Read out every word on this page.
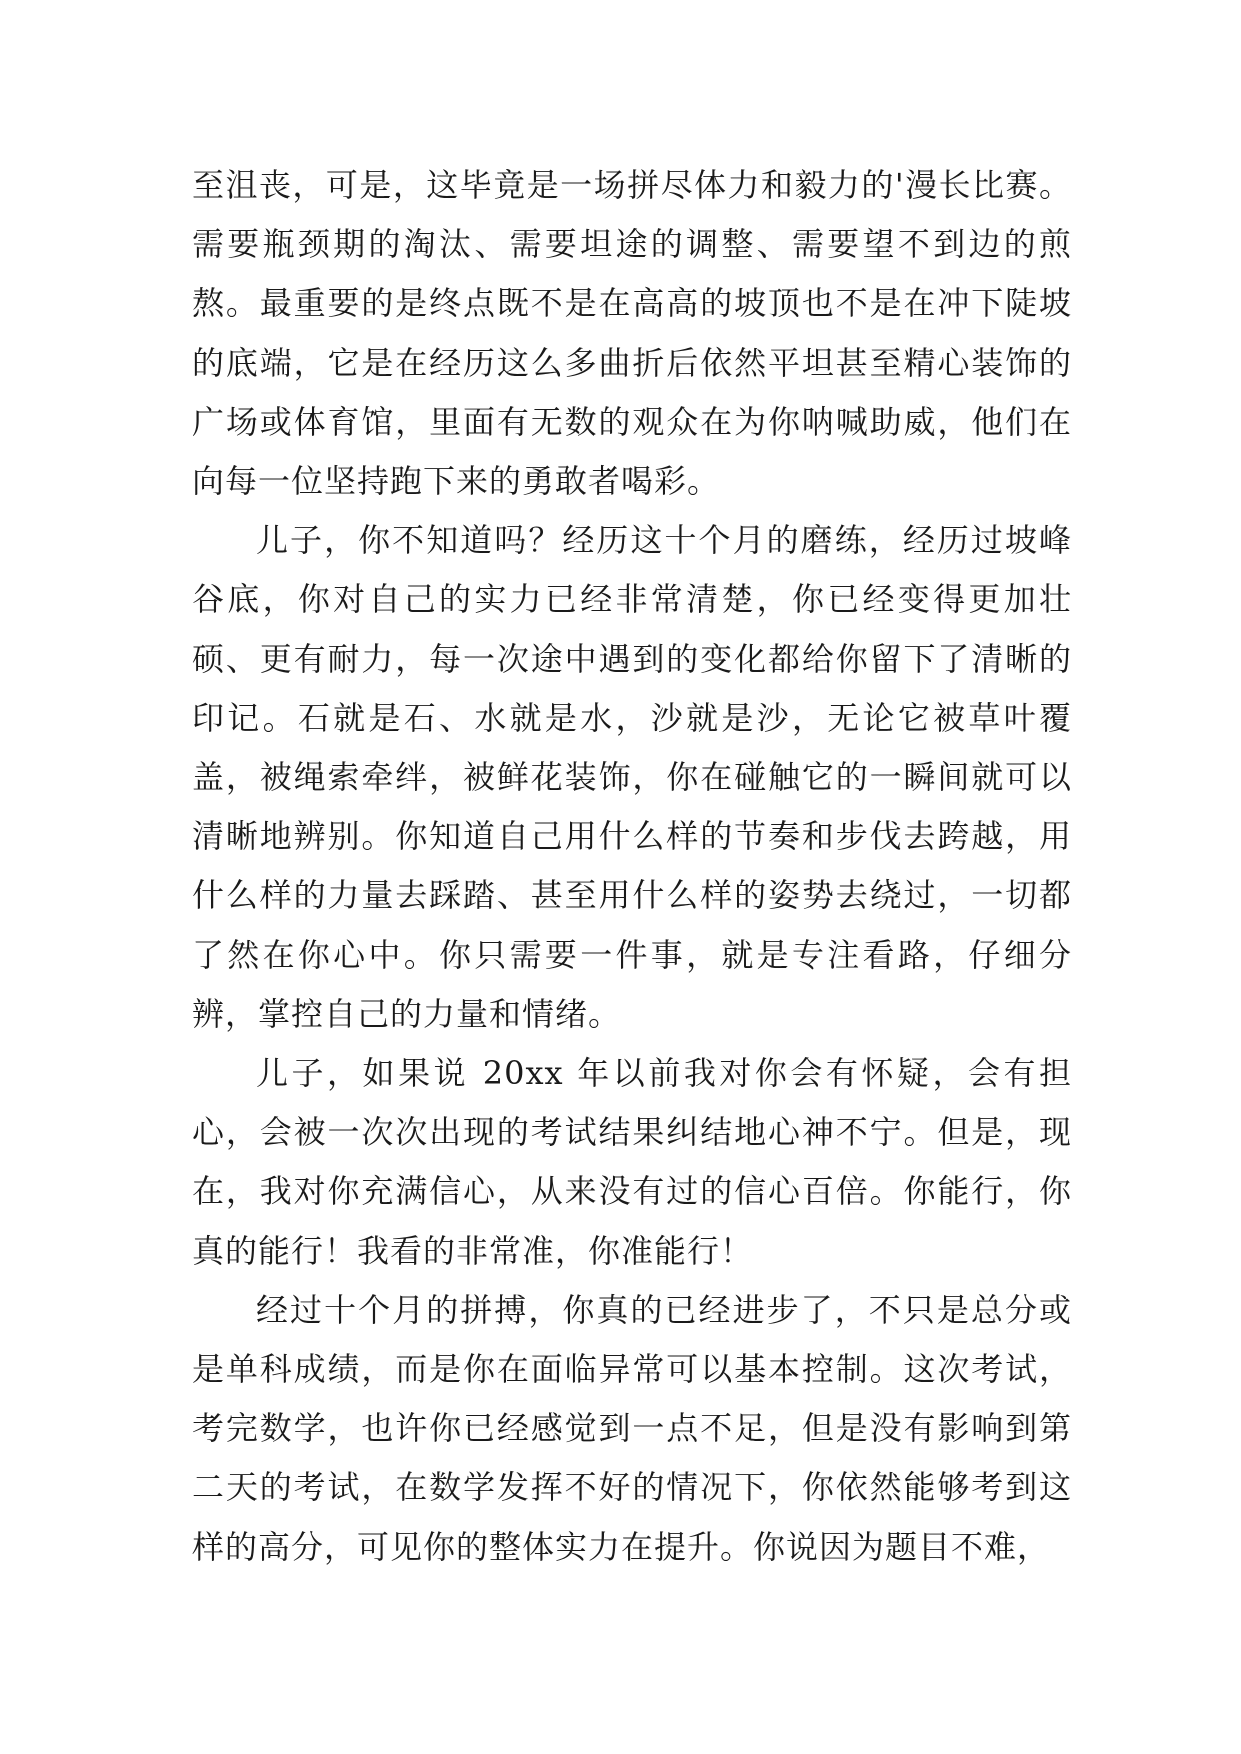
至沮丧，可是，这毕竟是一场拼尽体力和毅力的'漫长比赛。需要瓶颈期的淘汰、需要坦途的调整、需要望不到边的煎熬。最重要的是终点既不是在高高的坡顶也不是在冲下陡坡的底端，它是在经历这么多曲折后依然平坦甚至精心装饰的广场或体育馆，里面有无数的观众在为你呐喊助威，他们在向每一位坚持跑下来的勇敢者喝彩。

儿子，你不知道吗？经历这十个月的磨练，经历过坡峰谷底，你对自己的实力已经非常清楚，你已经变得更加壮硕、更有耐力，每一次途中遇到的变化都给你留下了清晰的印记。石就是石、水就是水，沙就是沙，无论它被草叶覆盖，被绳索牵绊，被鲜花装饰，你在碰触它的一瞬间就可以清晰地辨别。你知道自己用什么样的节奏和步伐去跨越，用什么样的力量去踩踏、甚至用什么样的姿势去绕过，一切都了然在你心中。你只需要一件事，就是专注看路，仔细分辨，掌控自己的力量和情绪。

儿子，如果说 20xx 年以前我对你会有怀疑，会有担心，会被一次次出现的考试结果纠结地心神不宁。但是，现在，我对你充满信心，从来没有过的信心百倍。你能行，你真的能行！我看的非常准，你准能行！

经过十个月的拼搏，你真的已经进步了，不只是总分或是单科成绩，而是你在面临异常可以基本控制。这次考试，考完数学，也许你已经感觉到一点不足，但是没有影响到第二天的考试，在数学发挥不好的情况下，你依然能够考到这样的高分，可见你的整体实力在提升。你说因为题目不难，
